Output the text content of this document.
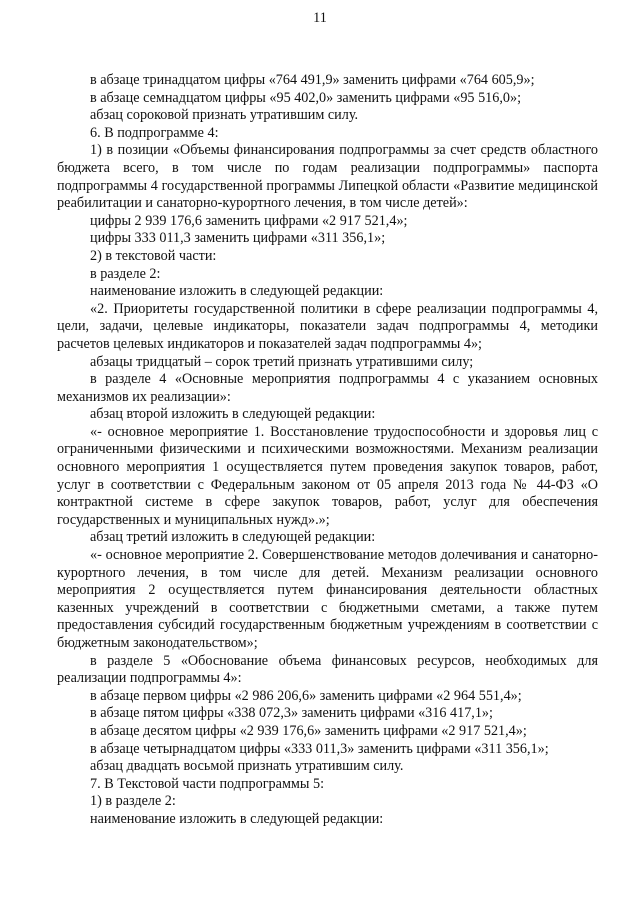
11

в абзаце тринадцатом цифры «764 491,9» заменить цифрами «764 605,9»;

в абзаце семнадцатом цифры «95 402,0» заменить цифрами «95 516,0»;

абзац сороковой признать утратившим силу.

6. В подпрограмме 4:

1) в позиции «Объемы финансирования подпрограммы за счет средств областного бюджета всего, в том числе по годам реализации подпрограммы» паспорта подпрограммы 4 государственной программы Липецкой области «Развитие медицинской реабилитации и санаторно-курортного лечения, в том числе детей»:

цифры 2 939 176,6 заменить цифрами «2 917 521,4»;

цифры 333 011,3 заменить цифрами «311 356,1»;

2) в текстовой части:

в разделе 2:

наименование изложить в следующей редакции:

«2. Приоритеты государственной политики в сфере реализации подпрограммы 4, цели, задачи, целевые индикаторы, показатели задач подпрограммы 4, методики расчетов целевых индикаторов и показателей задач подпрограммы 4»;

абзацы тридцатый – сорок третий признать утратившими силу;

в разделе 4 «Основные мероприятия подпрограммы 4 с указанием основных механизмов их реализации»:

абзац второй изложить в следующей редакции:

«- основное мероприятие 1. Восстановление трудоспособности и здоровья лиц с ограниченными физическими и психическими возможностями. Механизм реализации основного мероприятия 1 осуществляется путем проведения закупок товаров, работ, услуг в соответствии с Федеральным законом от 05 апреля 2013 года № 44-ФЗ «О контрактной системе в сфере закупок товаров, работ, услуг для обеспечения государственных и муниципальных нужд».»;

абзац третий изложить в следующей редакции:

«- основное мероприятие 2. Совершенствование методов долечивания и санаторно-курортного лечения, в том числе для детей. Механизм реализации основного мероприятия 2 осуществляется путем финансирования деятельности областных казенных учреждений в соответствии с бюджетными сметами, а также путем предоставления субсидий государственным бюджетным учреждениям в соответствии с бюджетным законодательством»;

в разделе 5 «Обоснование объема финансовых ресурсов, необходимых для реализации подпрограммы 4»:

в абзаце первом цифры «2 986 206,6» заменить цифрами «2 964 551,4»;

в абзаце пятом цифры «338 072,3» заменить цифрами «316 417,1»;

в абзаце десятом цифры «2 939 176,6» заменить цифрами «2 917 521,4»;

в абзаце четырнадцатом цифры «333 011,3» заменить цифрами «311 356,1»;

абзац двадцать восьмой признать утратившим силу.

7. В Текстовой части подпрограммы 5:

1) в разделе 2:

наименование изложить в следующей редакции:
